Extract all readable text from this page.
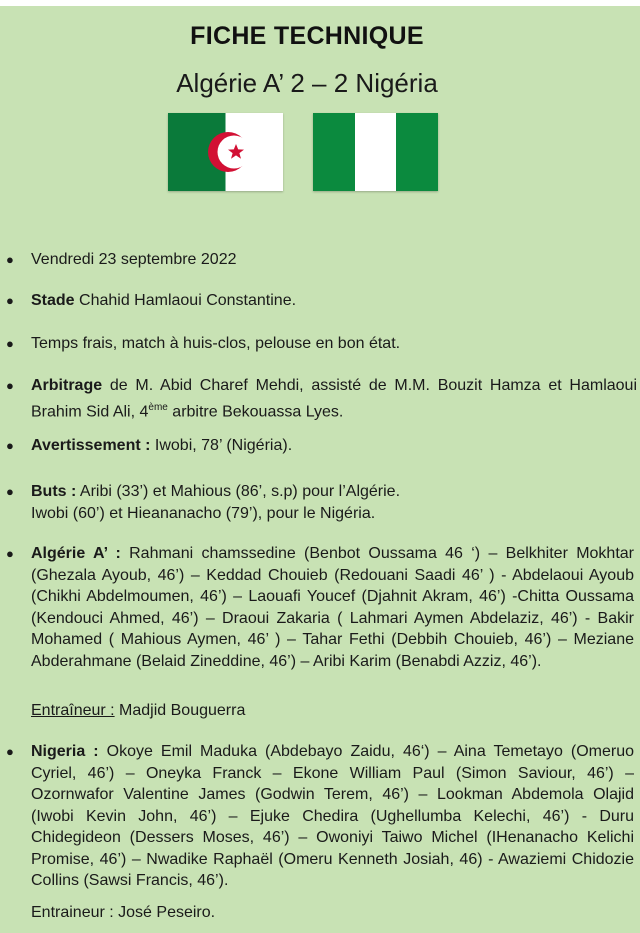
FICHE TECHNIQUE
Algérie A’ 2 – 2 Nigéria
● Vendredi 23 septembre 2022
● Stade Chahid Hamlaoui Constantine.
● Temps frais, match à huis-clos, pelouse en bon état.
● Arbitrage de M. Abid Charef Mehdi, assisté de M.M. Bouzit Hamza et Hamlaoui Brahim Sid Ali, 4ème arbitre Bekouassa Lyes.
● Avertissement : Iwobi, 78’ (Nigéria).
● Buts : Aribi (33’) et Mahious (86’, s.p) pour l’Algérie.
Iwobi (60’) et Hieananacho (79’), pour le Nigéria.
● Algérie A’ : Rahmani chamssedine (Benbot Oussama 46 ‘) – Belkhiter Mokhtar (Ghezala Ayoub, 46’) – Keddad Chouieb (Redouani Saadi 46’ ) - Abdelaoui Ayoub (Chikhi Abdelmoumen, 46’) – Laouafi Youcef (Djahnit Akram, 46’) -Chitta Oussama (Kendouci Ahmed, 46’) – Draoui Zakaria ( Lahmari Aymen Abdelaziz, 46’) - Bakir Mohamed ( Mahious Aymen, 46’ ) – Tahar Fethi (Debbih Chouieb, 46’) – Meziane Abderahmane (Belaid Zineddine, 46’) – Aribi Karim (Benabdi Azziz, 46’).
Entraîneur : Madjid Bouguerra
● Nigeria : Okoye Emil Maduka (Abdebayo Zaidu, 46‘) – Aina Temetayo (Omeruo Cyriel, 46’) – Oneyka Franck – Ekone William Paul (Simon Saviour, 46’) – Ozornwafor Valentine James (Godwin Terem, 46’) – Lookman Abdemola Olajid (Iwobi Kevin John, 46’) – Ejuke Chedira (Ughellumba Kelechi, 46’) - Duru Chidegideon (Dessers Moses, 46’) – Owoniyi Taiwo Michel (IHenanacho Kelichi Promise, 46’) – Nwadike Raphaël (Omeru Kenneth Josiah, 46) - Awaziemi Chidozie Collins (Sawsi Francis, 46’).
Entraineur : José Peseiro.
